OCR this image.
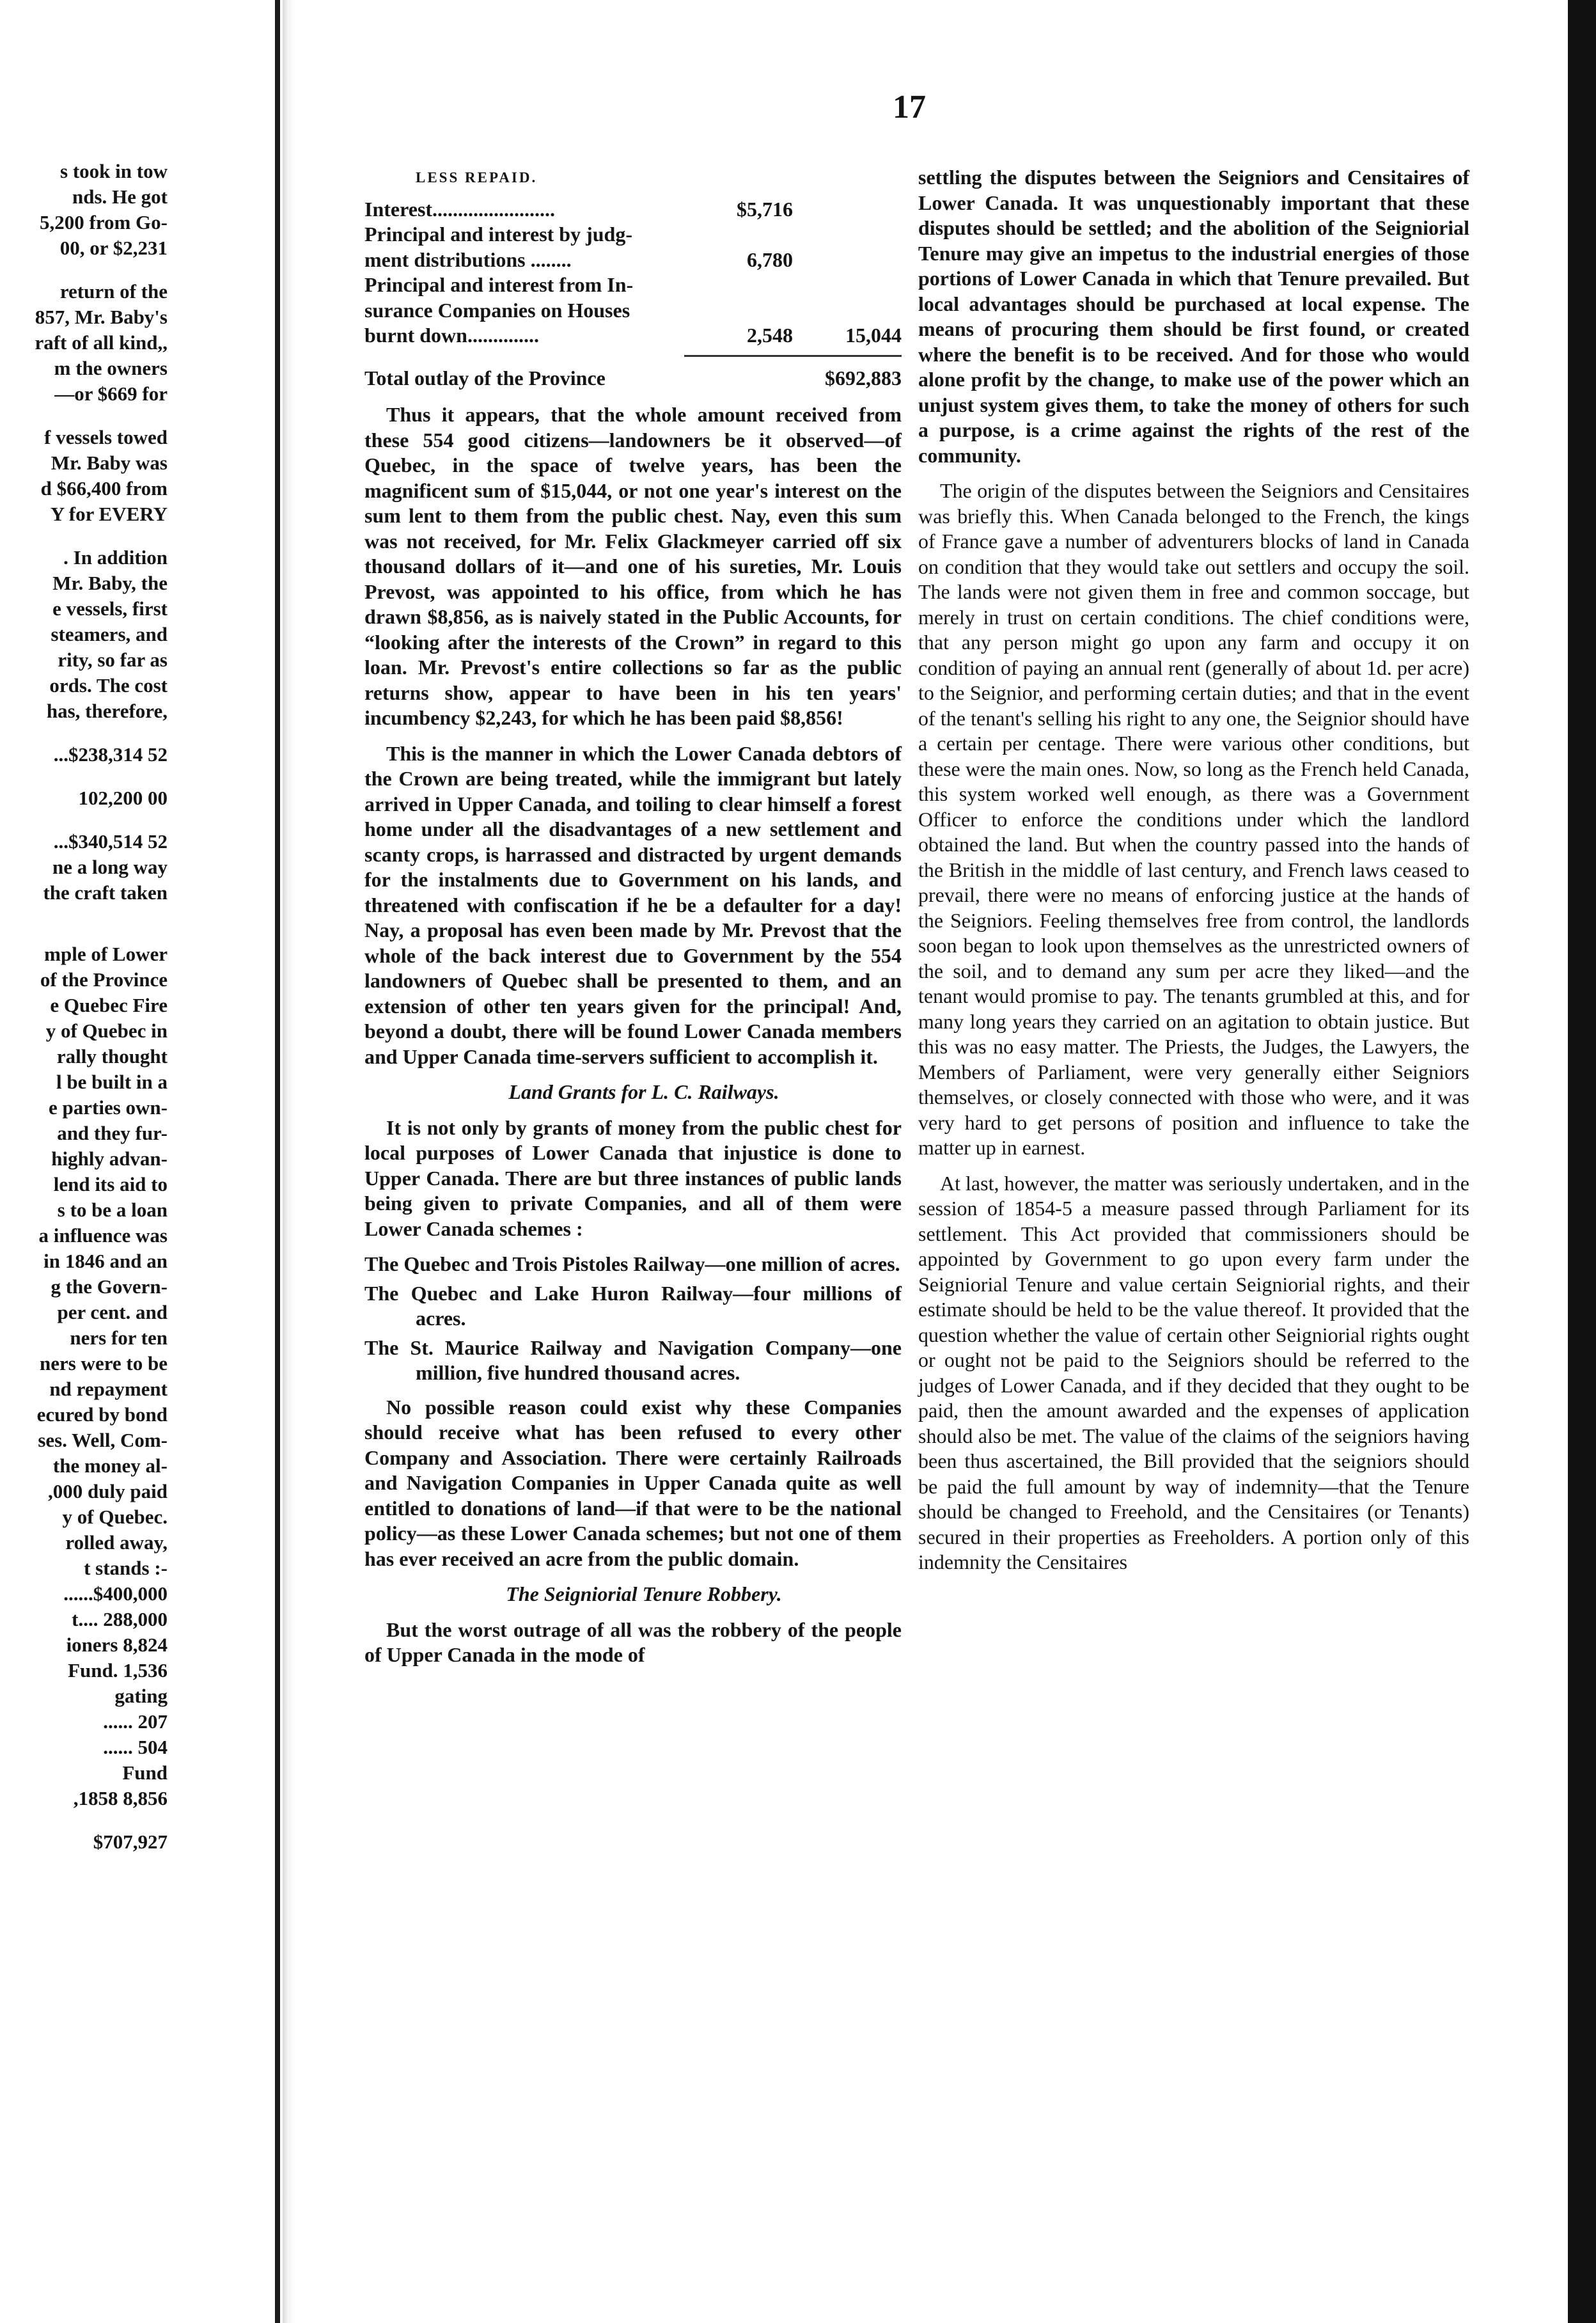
s took in tow
nds. He got
5,200 from Go-
00, or $2,231
return of the
857, Mr. Baby's
raft of all kind,,
m the owners
—or $669 for
f vessels towed
Mr. Baby was
d $66,400 from
Y for EVERY
. In addition
Mr. Baby, the
e vessels, first
steamers, and
rity, so far as
ords. The cost
has, therefore,
...$238,314 52
102,200 00
...$340,514 52
ne a long way
the craft taken
mple of Lower
of the Province
e Quebec Fire
y of Quebec in
rally thought
l be built in a
e parties own-
and they fur-
highly advan-
lend its aid to
s to be a loan
a influence was
in 1846 and an
g the Govern-
per cent. and
ners for ten
ners were to be
nd repayment
ecured by bond
ses. Well, Com-
the money al-
,000 duly paid
y of Quebec.
rolled away,
t stands :-
......$400,000
t.... 288,000
ioners 8,824
Fund. 1,536
gating
...... 207
...... 504
Fund
,1858 8,856
$707,927
17
LESS REPAID.
Interest........................	$5,716
Principal and interest by judg-
ment distributions ........	6,780
Principal and interest from In-
surance Companies on Houses
burnt down..............	2,548	15,044
Total outlay of the Province	$692,883

Thus it appears, that the whole amount received from these 554 good citizens—landowners be it observed—of Quebec, in the space of twelve years, has been the magnificent sum of $15,044, or not one year's interest on the sum lent to them from the public chest. Nay, even this sum was not received, for Mr. Felix Glackmeyer carried off six thousand dollars of it—and one of his sureties, Mr. Louis Prevost, was appointed to his office, from which he has drawn $8,856, as is naively stated in the Public Accounts, for “looking after the interests of the Crown” in regard to this loan. Mr. Prevost's entire collections so far as the public returns show, appear to have been in his ten years' incumbency $2,243, for which he has been paid $8,856!

This is the manner in which the Lower Canada debtors of the Crown are being treated, while the immigrant but lately arrived in Upper Canada, and toiling to clear himself a forest home under all the disadvantages of a new settlement and scanty crops, is harrassed and distracted by urgent demands for the instalments due to Government on his lands, and threatened with confiscation if he be a defaulter for a day! Nay, a proposal has even been made by Mr. Prevost that the whole of the back interest due to Government by the 554 landowners of Quebec shall be presented to them, and an extension of other ten years given for the principal! And, beyond a doubt, there will be found Lower Canada members and Upper Canada time-servers sufficient to accomplish it.

Land Grants for L. C. Railways.

It is not only by grants of money from the public chest for local purposes of Lower Canada that injustice is done to Upper Canada. There are but three instances of public lands being given to private Companies, and all of them were Lower Canada schemes :

The Quebec and Trois Pistoles Railway—one million of acres.
The Quebec and Lake Huron Railway—four millions of acres.
The St. Maurice Railway and Navigation Company—one million, five hundred thousand acres.

No possible reason could exist why these Companies should receive what has been refused to every other Company and Association. There were certainly Railroads and Navigation Companies in Upper Canada quite as well entitled to donations of land—if that were to be the national policy—as these Lower Canada schemes; but not one of them has ever received an acre from the public domain.

The Seigniorial Tenure Robbery.

But the worst outrage of all was the robbery of the people of Upper Canada in the mode of

settling the disputes between the Seigniors and Censitaires of Lower Canada. It was unquestionably important that these disputes should be settled; and the abolition of the Seigniorial Tenure may give an impetus to the industrial energies of those portions of Lower Canada in which that Tenure prevailed. But local advantages should be purchased at local expense. The means of procuring them should be first found, or created where the benefit is to be received. And for those who would alone profit by the change, to make use of the power which an unjust system gives them, to take the money of others for such a purpose, is a crime against the rights of the rest of the community.

The origin of the disputes between the Seigniors and Censitaires was briefly this. When Canada belonged to the French, the kings of France gave a number of adventurers blocks of land in Canada on condition that they would take out settlers and occupy the soil. The lands were not given them in free and common soccage, but merely in trust on certain conditions. The chief conditions were, that any person might go upon any farm and occupy it on condition of paying an annual rent (generally of about 1d. per acre) to the Seignior, and performing certain duties; and that in the event of the tenant's selling his right to any one, the Seignior should have a certain per centage. There were various other conditions, but these were the main ones. Now, so long as the French held Canada, this system worked well enough, as there was a Government Officer to enforce the conditions under which the landlord obtained the land. But when the country passed into the hands of the British in the middle of last century, and French laws ceased to prevail, there were no means of enforcing justice at the hands of the Seigniors. Feeling themselves free from control, the landlords soon began to look upon themselves as the unrestricted owners of the soil, and to demand any sum per acre they liked—and the tenant would promise to pay. The tenants grumbled at this, and for many long years they carried on an agitation to obtain justice. But this was no easy matter. The Priests, the Judges, the Lawyers, the Members of Parliament, were very generally either Seigniors themselves, or closely connected with those who were, and it was very hard to get persons of position and influence to take the matter up in earnest.

At last, however, the matter was seriously undertaken, and in the session of 1854-5 a measure passed through Parliament for its settlement. This Act provided that commissioners should be appointed by Government to go upon every farm under the Seigniorial Tenure and value certain Seigniorial rights, and their estimate should be held to be the value thereof. It provided that the question whether the value of certain other Seigniorial rights ought or ought not be paid to the Seigniors should be referred to the judges of Lower Canada, and if they decided that they ought to be paid, then the amount awarded and the expenses of application should also be met. The value of the claims of the seigniors having been thus ascertained, the Bill provided that the seigniors should be paid the full amount by way of indemnity—that the Tenure should be changed to Freehold, and the Censitaires (or Tenants) secured in their properties as Freeholders. A portion only of this indemnity the Censitaires
